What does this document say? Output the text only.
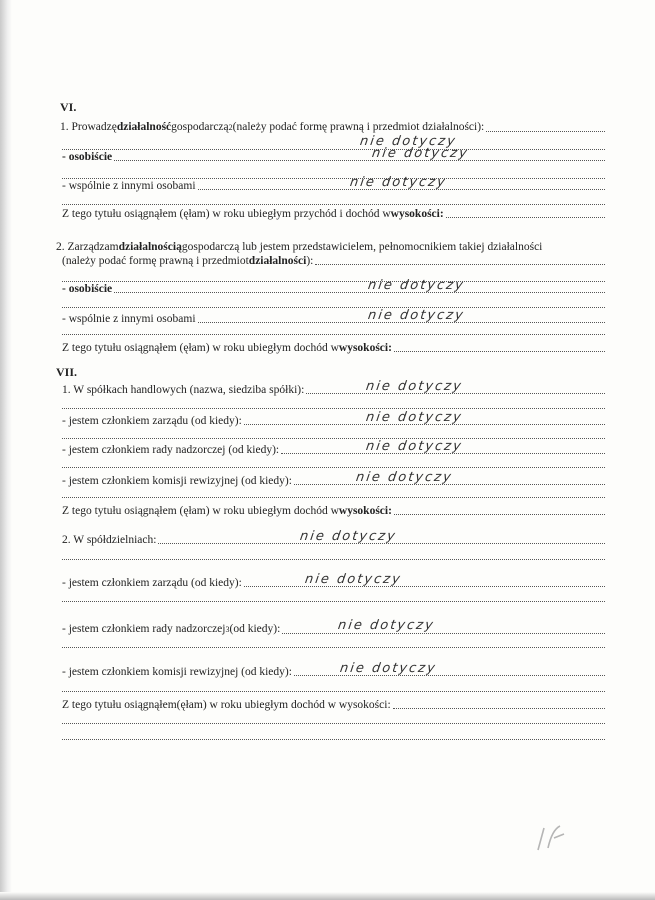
VI.
1. Prowadzę działalność gospodarczą 2 (należy podać formę prawną i przedmiot działalności):
nie dotyczy
- osobiście	nie dotyczy
- wspólnie z innymi osobami	nie dotyczy
Z tego tytułu osiągnąłem (ęłam) w roku ubiegłym przychód i dochód w wysokości:
2. Zarządzam działalnością gospodarczą lub jestem przedstawicielem, pełnomocnikiem takiej działalności
(należy podać formę prawną i przedmiot działalności ):
- osobiście	nie dotyczy
- wspólnie z innymi osobami	nie dotyczy
Z tego tytułu osiągnąłem (ęłam) w roku ubiegłym dochód w wysokości:
VII.
1. W spółkach handlowych (nazwa, siedziba spółki):	nie dotyczy
- jestem członkiem zarządu (od kiedy):	nie dotyczy
- jestem członkiem rady nadzorczej (od kiedy):	nie dotyczy
- jestem członkiem komisji rewizyjnej (od kiedy):	nie dotyczy
Z tego tytułu osiągnąłem (ęłam) w roku ubiegłym dochód w wysokości:
2. W spółdzielniach:	nie dotyczy
- jestem członkiem zarządu (od kiedy):	nie dotyczy
- jestem członkiem rady nadzorczej 3 (od kiedy):	nie dotyczy
- jestem członkiem komisji rewizyjnej (od kiedy):	nie dotyczy
Z tego tytułu osiągnąłem(ęłam) w roku ubiegłym dochód w wysokości:
